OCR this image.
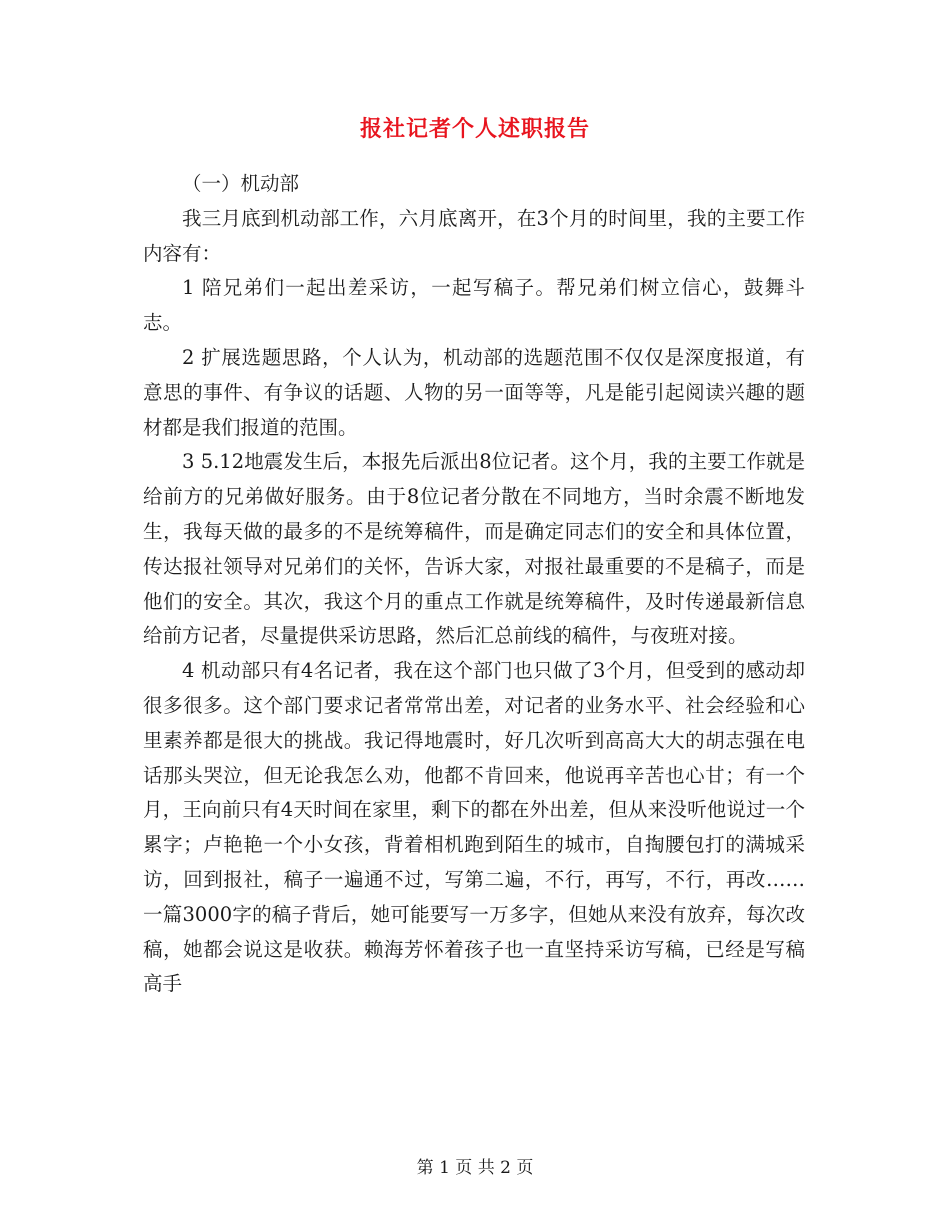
报社记者个人述职报告

（一）机动部

我三月底到机动部工作，六月底离开，在3个月的时间里，我的主要工作内容有：

1 陪兄弟们一起出差采访，一起写稿子。帮兄弟们树立信心，鼓舞斗志。

2 扩展选题思路，个人认为，机动部的选题范围不仅仅是深度报道，有意思的事件、有争议的话题、人物的另一面等等，凡是能引起阅读兴趣的题材都是我们报道的范围。

3 5.12地震发生后，本报先后派出8位记者。这个月，我的主要工作就是给前方的兄弟做好服务。由于8位记者分散在不同地方，当时余震不断地发生，我每天做的最多的不是统筹稿件，而是确定同志们的安全和具体位置，传达报社领导对兄弟们的关怀，告诉大家，对报社最重要的不是稿子，而是他们的安全。其次，我这个月的重点工作就是统筹稿件，及时传递最新信息给前方记者，尽量提供采访思路，然后汇总前线的稿件，与夜班对接。

4 机动部只有4名记者，我在这个部门也只做了3个月，但受到的感动却很多很多。这个部门要求记者常常出差，对记者的业务水平、社会经验和心里素养都是很大的挑战。我记得地震时，好几次听到高高大大的胡志强在电话那头哭泣，但无论我怎么劝，他都不肯回来，他说再辛苦也心甘；有一个月，王向前只有4天时间在家里，剩下的都在外出差，但从来没听他说过一个累字；卢艳艳一个小女孩，背着相机跑到陌生的城市，自掏腰包打的满城采访，回到报社，稿子一遍通不过，写第二遍，不行，再写，不行，再改……一篇3000字的稿子背后，她可能要写一万多字，但她从来没有放弃，每次改稿，她都会说这是收获。赖海芳怀着孩子也一直坚持采访写稿，已经是写稿高手

第 1 页 共 2 页
